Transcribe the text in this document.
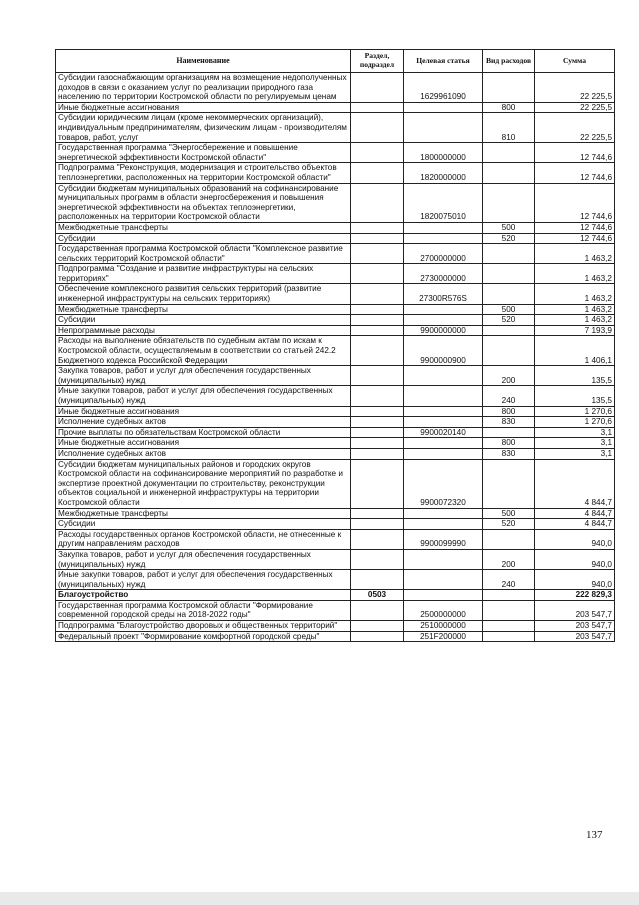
Наименование	Раздел, подраздел	Целевая статья	Вид расходов	Сумма
Субсидии газоснабжающим организациям на возмещение недополученных доходов в связи с оказанием услуг по реализации природного газа населению по территории Костромской области по регулируемым ценам		1629961090		22 225,5
Иные бюджетные ассигнования			800	22 225,5
Субсидии юридическим лицам (кроме некоммерческих организаций), индивидуальным предпринимателям, физическим лицам - производителям товаров, работ, услуг			810	22 225,5
Государственная программа "Энергосбережение и повышение энергетической эффективности Костромской области"		1800000000		12 744,6
Подпрограмма "Реконструкция, модернизация и строительство объектов теплоэнергетики, расположенных на территории Костромской области"		1820000000		12 744,6
Субсидии бюджетам муниципальных образований на софинансирование муниципальных программ в области энергосбережения и повышения энергетической эффективности на объектах теплоэнергетики, расположенных на территории Костромской области		1820075010		12 744,6
Межбюджетные трансферты			500	12 744,6
Субсидии			520	12 744,6
Государственная программа Костромской области "Комплексное развитие сельских территорий Костромской области"		2700000000		1 463,2
Подпрограмма "Создание и развитие инфраструктуры на сельских территориях"		2730000000		1 463,2
Обеспечение комплексного развития сельских территорий (развитие инженерной инфраструктуры на сельских территориях)		27300R576S		1 463,2
Межбюджетные трансферты			500	1 463,2
Субсидии			520	1 463,2
Непрограммные расходы		9900000000		7 193,9
Расходы на выполнение обязательств по судебным актам по искам к Костромской области, осуществляемым в соответствии со статьей 242.2 Бюджетного кодекса Российской Федерации		9900000900		1 406,1
Закупка товаров, работ и услуг для обеспечения государственных (муниципальных) нужд			200	135,5
Иные закупки товаров, работ и услуг для обеспечения государственных (муниципальных) нужд			240	135,5
Иные бюджетные ассигнования			800	1 270,6
Исполнение судебных актов			830	1 270,6
Прочие выплаты по обязательствам Костромской области		9900020140		3,1
Иные бюджетные ассигнования			800	3,1
Исполнение судебных актов			830	3,1
Субсидии бюджетам муниципальных районов и городских округов Костромской области на софинансирование мероприятий по разработке и экспертизе проектной документации по строительству, реконструкции объектов социальной и инженерной инфраструктуры на территории Костромской области		9900072320		4 844,7
Межбюджетные трансферты			500	4 844,7
Субсидии			520	4 844,7
Расходы государственных органов Костромской области, не отнесенные к другим направлениям расходов		9900099990		940,0
Закупка товаров, работ и услуг для обеспечения государственных (муниципальных) нужд			200	940,0
Иные закупки товаров, работ и услуг для обеспечения государственных (муниципальных) нужд			240	940,0
Благоустройство	0503			222 829,3
Государственная программа Костромской области "Формирование современной городской среды на 2018-2022 годы"		2500000000		203 547,7
Подпрограмма "Благоустройство дворовых и общественных территорий"		2510000000		203 547,7
Федеральный проект "Формирование комфортной городской среды"		251F200000		203 547,7
137
